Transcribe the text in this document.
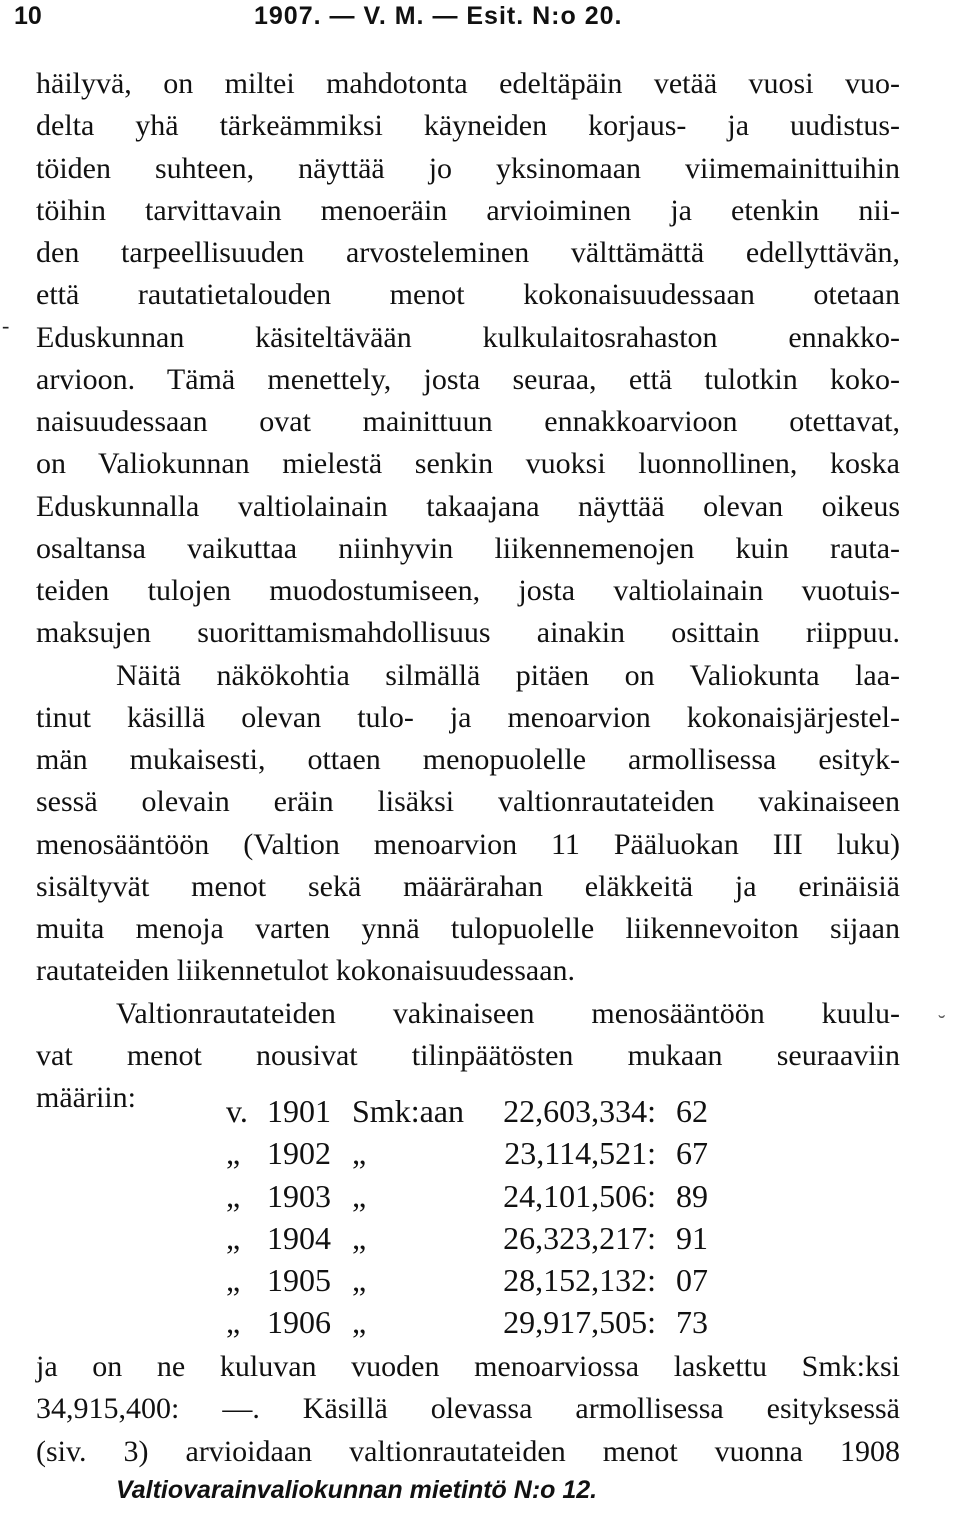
10	1907. — V. M. — Esit. N:o 20.
-
˘

häilyvä, on miltei mahdotonta edeltäpäin vetää vuosi vuo-
delta yhä tärkeämmiksi käyneiden korjaus- ja uudistus-
töiden suhteen, näyttää jo yksinomaan viimemainittuihin
töihin tarvittavain menoeräin arvioiminen ja etenkin nii-
den tarpeellisuuden arvosteleminen välttämättä edellyttävän,
että rautatietalouden menot kokonaisuudessaan otetaan
Eduskunnan käsiteltävään kulkulaitosrahaston ennakko-
arvioon. Tämä menettely, josta seuraa, että tulotkin koko-
naisuudessaan ovat mainittuun ennakkoarvioon otettavat,
on Valiokunnan mielestä senkin vuoksi luonnollinen, koska
Eduskunnalla valtiolainain takaajana näyttää olevan oikeus
osaltansa vaikuttaa niinhyvin liikennemenojen kuin rauta-
teiden tulojen muodostumiseen, josta valtiolainain vuotuis-
maksujen suorittamismahdollisuus ainakin osittain riippuu.

Näitä näkökohtia silmällä pitäen on Valiokunta laa-
tinut käsillä olevan tulo- ja menoarvion kokonaisjärjestel-
män mukaisesti, ottaen menopuolelle armollisessa esityk-
sessä olevain eräin lisäksi valtionrautateiden vakinaiseen
menosääntöön (Valtion menoarvion 11 Pääluokan III luku)
sisältyvät menot sekä määrärahan eläkkeitä ja erinäisiä
muita menoja varten ynnä tulopuolelle liikennevoiton sijaan
rautateiden liikennetulot kokonaisuudessaan.

Valtionrautateiden vakinaiseen menosääntöön kuulu-
vat menot nousivat tilinpäätösten mukaan seuraaviin
määriin:	v. 1901 Smk:aan	22,603,334: 62
„ 1902 „	23,114,521: 67
„ 1903 „	24,101,506: 89
„ 1904 „	26,323,217: 91
„ 1905 „	28,152,132: 07
„ 1906 „	29,917,505: 73

ja on ne kuluvan vuoden menoarviossa laskettu Smk:ksi
34,915,400: —. Käsillä olevassa armollisessa esityksessä
(siv. 3) arvioidaan valtionrautateiden menot vuonna 1908

Valtiovarainvaliokunnan mietintö N:o 12.
